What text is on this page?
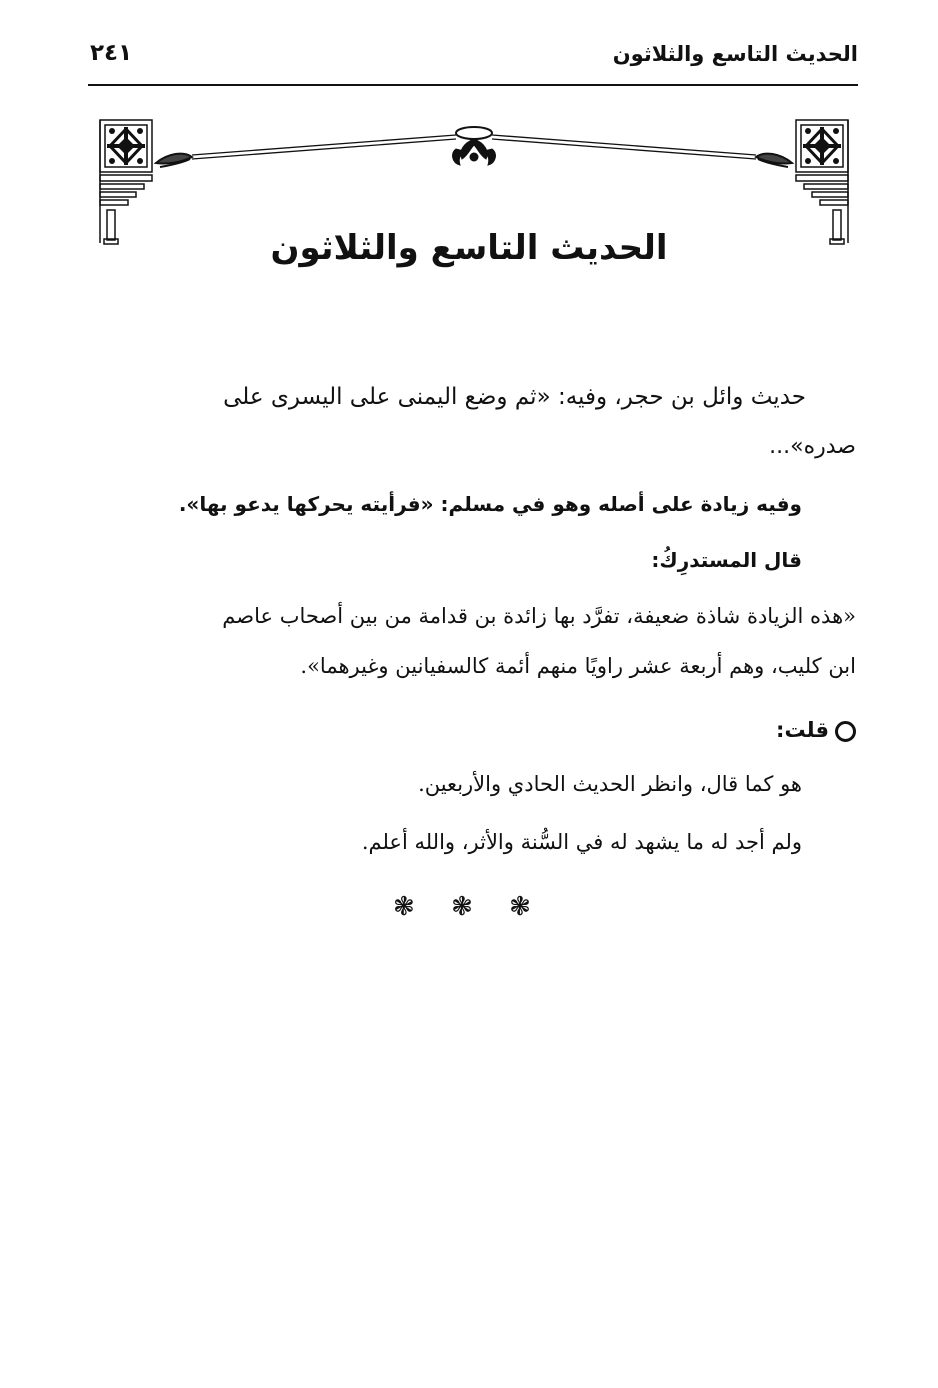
الحديث التاسع والثلاثون
٢٤١
الحديث التاسع والثلاثون
حديث وائل بن حجر، وفيه: «ثم وضع اليمنى على اليسرى على
صدره»...
وفيه زيادة على أصله وهو في مسلم: «فرأيته يحركها يدعو بها».
قال المستدرِكُ:
«هذه الزيادة شاذة ضعيفة، تفرَّد بها زائدة بن قدامة من بين أصحاب عاصم
ابن كليب، وهم أربعة عشر راويًا منهم أئمة كالسفيانين وغيرهما».
قلت:
هو كما قال، وانظر الحديث الحادي والأربعين.
ولم أجد له ما يشهد له في السُّنة والأثر، والله أعلم.
❃ ❃ ❃
